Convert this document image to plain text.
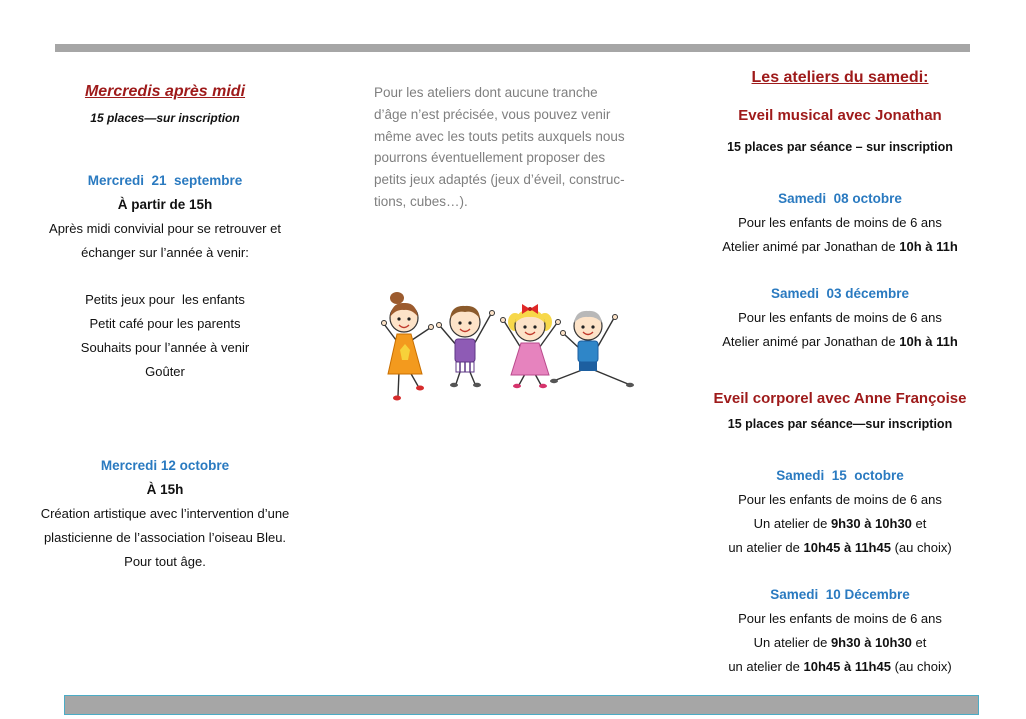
Mercredis après midi
15 places—sur inscription
Mercredi  21  septembre
À partir de 15h
Après midi convivial pour se retrouver et
échanger sur l’année à venir:
Petits jeux pour  les enfants
Petit café pour les parents
Souhaits pour l’année à venir
Goûter
Mercredi 12 octobre
À 15h
Création artistique avec l’intervention d’une
plasticienne de l’association l’oiseau Bleu.
Pour tout âge.
Pour les ateliers dont aucune tranche
d’âge n’est précisée, vous pouvez venir
même avec les touts petits auxquels nous
pourrons éventuellement proposer des
petits jeux adaptés (jeux d’éveil, construc-
tions, cubes…).
Les ateliers du samedi:
Eveil musical avec Jonathan
15 places par séance – sur inscription
Samedi  08 octobre
Pour les enfants de moins de 6 ans
Atelier animé par Jonathan de 10h à 11h
Samedi  03 décembre
Pour les enfants de moins de 6 ans
Atelier animé par Jonathan de 10h à 11h
Eveil corporel avec Anne Françoise
15 places par séance—sur inscription
Samedi  15  octobre
Pour les enfants de moins de 6 ans
Un atelier de 9h30 à 10h30 et
un atelier de 10h45 à 11h45 (au choix)
Samedi  10 Décembre
Pour les enfants de moins de 6 ans
Un atelier de 9h30 à 10h30 et
un atelier de 10h45 à 11h45 (au choix)
